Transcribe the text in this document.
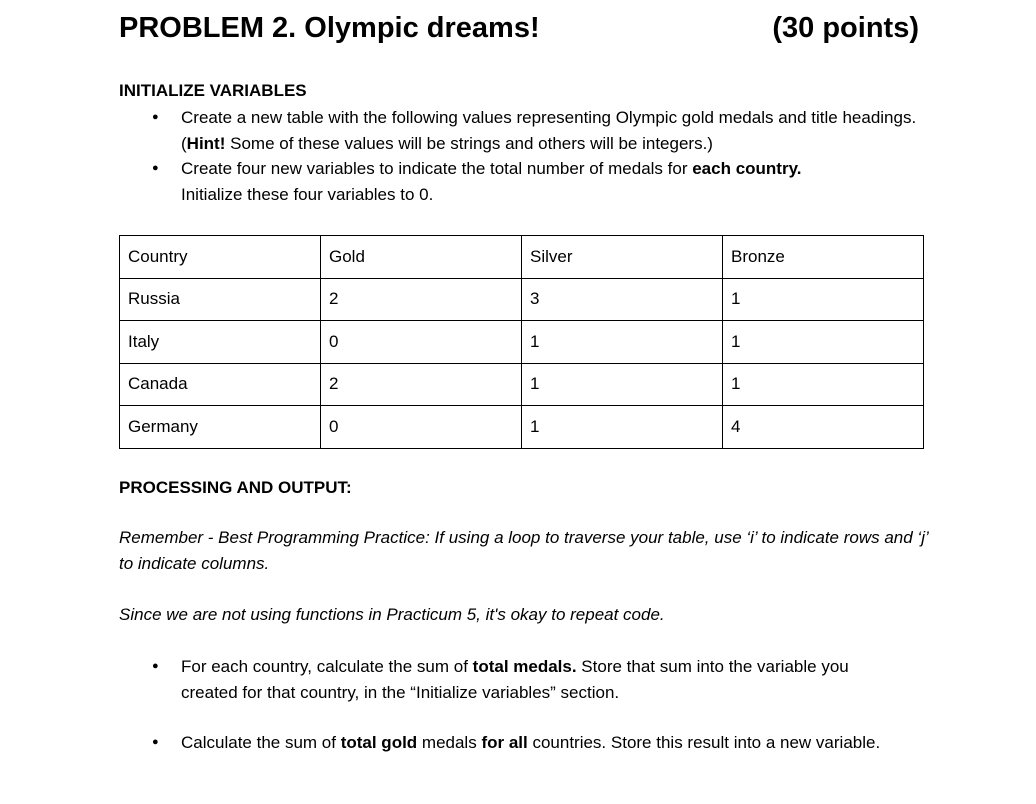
PROBLEM 2. Olympic dreams!	(30 points)
INITIALIZE VARIABLES
● Create a new table with the following values representing Olympic gold medals and title headings. (Hint! Some of these values will be strings and others will be integers.)
● Create four new variables to indicate the total number of medals for each country.
Initialize these four variables to 0.
Country	Gold	Silver	Bronze
Russia	2	3	1
Italy	0	1	1
Canada	2	1	1
Germany	0	1	4
PROCESSING AND OUTPUT:
Remember - Best Programming Practice: If using a loop to traverse your table, use ‘i’ to indicate rows and ‘j’ to indicate columns.
Since we are not using functions in Practicum 5, it's okay to repeat code.
● For each country, calculate the sum of total medals. Store that sum into the variable you created for that country, in the “Initialize variables” section.
● Calculate the sum of total gold medals for all countries. Store this result into a new variable.
